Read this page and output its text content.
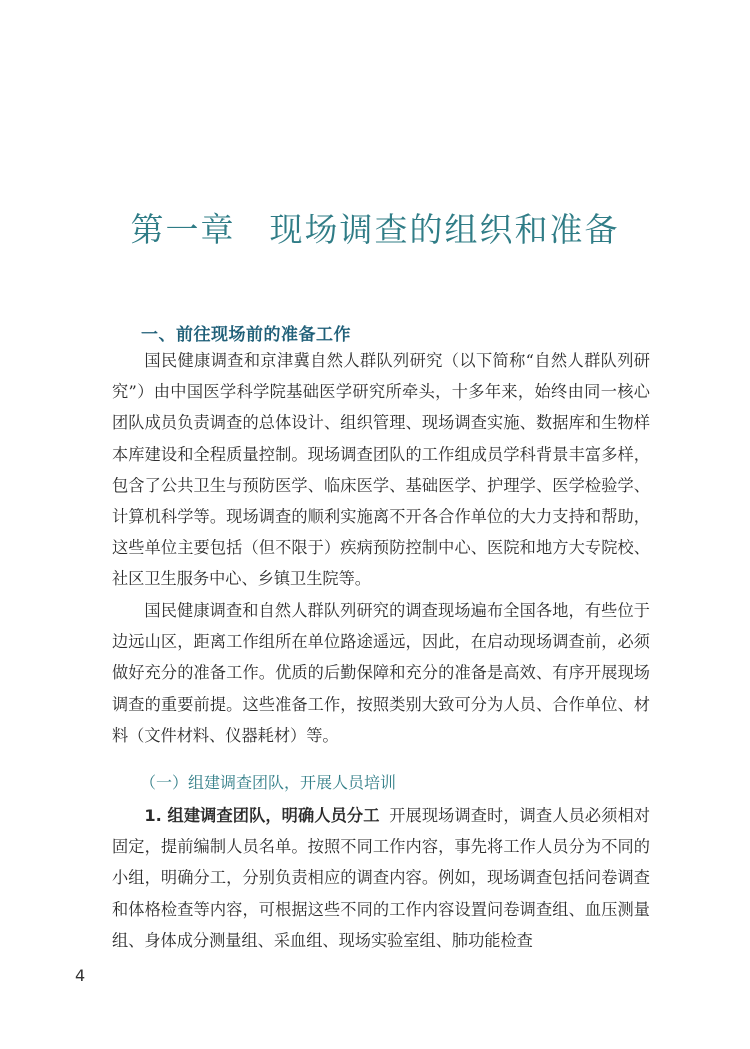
第一章 现场调查的组织和准备
一、前往现场前的准备工作

国民健康调查和京津冀自然人群队列研究（以下简称“自然人群队列研究”）由中国医学科学院基础医学研究所牵头，十多年来，始终由同一核心团队成员负责调查的总体设计、组织管理、现场调查实施、数据库和生物样本库建设和全程质量控制。现场调查团队的工作组成员学科背景丰富多样，包含了公共卫生与预防医学、临床医学、基础医学、护理学、医学检验学、计算机科学等。现场调查的顺利实施离不开各合作单位的大力支持和帮助，这些单位主要包括（但不限于）疾病预防控制中心、医院和地方大专院校、社区卫生服务中心、乡镇卫生院等。

国民健康调查和自然人群队列研究的调查现场遍布全国各地，有些位于边远山区，距离工作组所在单位路途遥远，因此，在启动现场调查前，必须做好充分的准备工作。优质的后勤保障和充分的准备是高效、有序开展现场调查的重要前提。这些准备工作，按照类别大致可分为人员、合作单位、材料（文件材料、仪器耗材）等。

（一）组建调查团队，开展人员培训

1. 组建调查团队，明确人员分工 开展现场调查时，调查人员必须相对固定，提前编制人员名单。按照不同工作内容，事先将工作人员分为不同的小组，明确分工，分别负责相应的调查内容。例如，现场调查包括问卷调查和体格检查等内容，可根据这些不同的工作内容设置问卷调查组、血压测量组、身体成分测量组、采血组、现场实验室组、肺功能检查

4
